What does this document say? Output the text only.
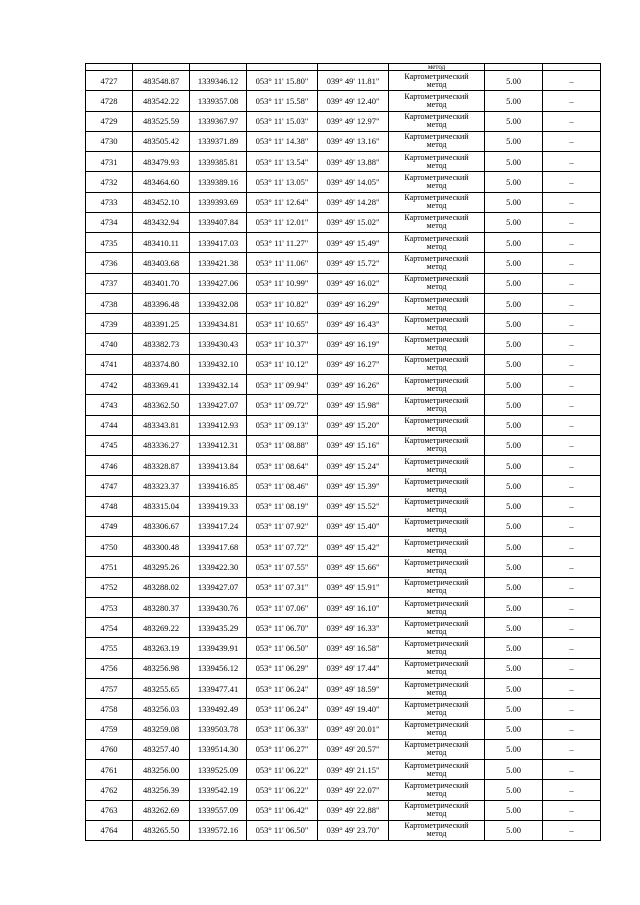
					метод		
4727	483548.87	1339346.12	053° 11' 15.80"	039° 49' 11.81"	Картометрический
метод	5.00	–
4728	483542.22	1339357.08	053° 11' 15.58"	039° 49' 12.40"	Картометрический
метод	5.00	–
4729	483525.59	1339367.97	053° 11' 15.03"	039° 49' 12.97"	Картометрический
метод	5.00	–
4730	483505.42	1339371.89	053° 11' 14.38"	039° 49' 13.16"	Картометрический
метод	5.00	–
4731	483479.93	1339385.81	053° 11' 13.54"	039° 49' 13.88"	Картометрический
метод	5.00	–
4732	483464.60	1339389.16	053° 11' 13.05"	039° 49' 14.05"	Картометрический
метод	5.00	–
4733	483452.10	1339393.69	053° 11' 12.64"	039° 49' 14.28"	Картометрический
метод	5.00	–
4734	483432.94	1339407.84	053° 11' 12.01"	039° 49' 15.02"	Картометрический
метод	5.00	–
4735	483410.11	1339417.03	053° 11' 11.27"	039° 49' 15.49"	Картометрический
метод	5.00	–
4736	483403.68	1339421.38	053° 11' 11.06"	039° 49' 15.72"	Картометрический
метод	5.00	–
4737	483401.70	1339427.06	053° 11' 10.99"	039° 49' 16.02"	Картометрический
метод	5.00	–
4738	483396.48	1339432.08	053° 11' 10.82"	039° 49' 16.29"	Картометрический
метод	5.00	–
4739	483391.25	1339434.81	053° 11' 10.65"	039° 49' 16.43"	Картометрический
метод	5.00	–
4740	483382.73	1339430.43	053° 11' 10.37"	039° 49' 16.19"	Картометрический
метод	5.00	–
4741	483374.80	1339432.10	053° 11' 10.12"	039° 49' 16.27"	Картометрический
метод	5.00	–
4742	483369.41	1339432.14	053° 11' 09.94"	039° 49' 16.26"	Картометрический
метод	5.00	–
4743	483362.50	1339427.07	053° 11' 09.72"	039° 49' 15.98"	Картометрический
метод	5.00	–
4744	483343.81	1339412.93	053° 11' 09.13"	039° 49' 15.20"	Картометрический
метод	5.00	–
4745	483336.27	1339412.31	053° 11' 08.88"	039° 49' 15.16"	Картометрический
метод	5.00	–
4746	483328.87	1339413.84	053° 11' 08.64"	039° 49' 15.24"	Картометрический
метод	5.00	–
4747	483323.37	1339416.85	053° 11' 08.46"	039° 49' 15.39"	Картометрический
метод	5.00	–
4748	483315.04	1339419.33	053° 11' 08.19"	039° 49' 15.52"	Картометрический
метод	5.00	–
4749	483306.67	1339417.24	053° 11' 07.92"	039° 49' 15.40"	Картометрический
метод	5.00	–
4750	483300.48	1339417.68	053° 11' 07.72"	039° 49' 15.42"	Картометрический
метод	5.00	–
4751	483295.26	1339422.30	053° 11' 07.55"	039° 49' 15.66"	Картометрический
метод	5.00	–
4752	483288.02	1339427.07	053° 11' 07.31"	039° 49' 15.91"	Картометрический
метод	5.00	–
4753	483280.37	1339430.76	053° 11' 07.06"	039° 49' 16.10"	Картометрический
метод	5.00	–
4754	483269.22	1339435.29	053° 11' 06.70"	039° 49' 16.33"	Картометрический
метод	5.00	–
4755	483263.19	1339439.91	053° 11' 06.50"	039° 49' 16.58"	Картометрический
метод	5.00	–
4756	483256.98	1339456.12	053° 11' 06.29"	039° 49' 17.44"	Картометрический
метод	5.00	–
4757	483255.65	1339477.41	053° 11' 06.24"	039° 49' 18.59"	Картометрический
метод	5.00	–
4758	483256.03	1339492.49	053° 11' 06.24"	039° 49' 19.40"	Картометрический
метод	5.00	–
4759	483259.08	1339503.78	053° 11' 06.33"	039° 49' 20.01"	Картометрический
метод	5.00	–
4760	483257.40	1339514.30	053° 11' 06.27"	039° 49' 20.57"	Картометрический
метод	5.00	–
4761	483256.00	1339525.09	053° 11' 06.22"	039° 49' 21.15"	Картометрический
метод	5.00	–
4762	483256.39	1339542.19	053° 11' 06.22"	039° 49' 22.07"	Картометрический
метод	5.00	–
4763	483262.69	1339557.09	053° 11' 06.42"	039° 49' 22.88"	Картометрический
метод	5.00	–
4764	483265.50	1339572.16	053° 11' 06.50"	039° 49' 23.70"	Картометрический
метод	5.00	–
